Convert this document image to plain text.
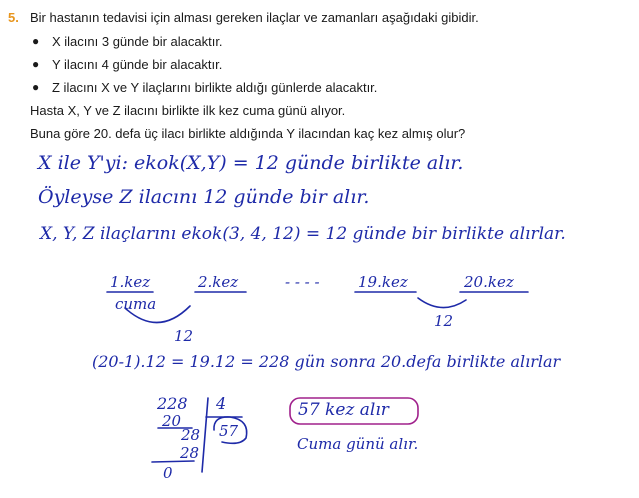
5. Bir hastanın tedavisi için alması gereken ilaçlar ve zamanları aşağıdaki gibidir.
● X ilacını 3 günde bir alacaktır.
● Y ilacını 4 günde bir alacaktır.
● Z ilacını X ve Y ilaçlarını birlikte aldığı günlerde alacaktır.
Hasta X, Y ve Z ilacını birlikte ilk kez cuma günü alıyor.
Buna göre 20. defa üç ilacı birlikte aldığında Y ilacından kaç kez almış olur?
X ile Y'yi: ekok(X,Y) = 12 günde birlikte alır.
Öyleyse Z ilacını 12 günde bir alır.
X, Y, Z ilaçlarını ekok(3, 4, 12) = 12 günde bir birlikte alırlar.
1.kez	2.kez	- - - -	19.kez	20.kez
cuma
12
12
(20-1).12 = 19.12 = 228 gün sonra 20.defa birlikte alırlar
228 4
20
28 57
28
0
57 kez alır
Cuma günü alır.
